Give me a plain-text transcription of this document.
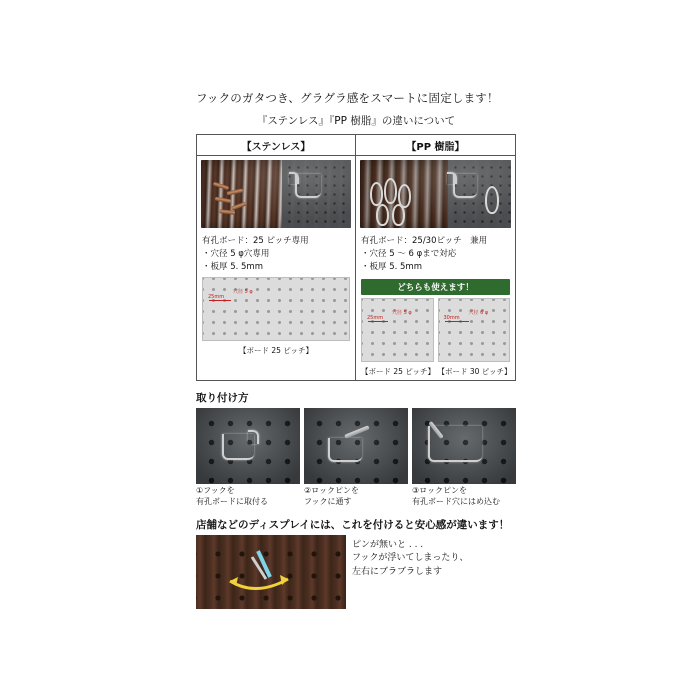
フックのガタつき、グラグラ感をスマートに固定します！
『ステンレス』『PP 樹脂』の違いについて
【ステンレス】
有孔ボード：25 ピッチ専用
・穴径 5 φ穴専用
・板厚 5. 5mm
25mm
穴径 5 φ
【ボード 25 ピッチ】
【PP 樹脂】
有孔ボード：25/30ピッチ　兼用
・穴径 5 ～ 6 φまで対応
・板厚 5. 5mm
どちらも使えます！
25mm
穴径 5 φ
30mm
穴径 6 φ
【ボード 25 ピッチ】 【ボード 30 ピッチ】
取り付け方
①フックを
有孔ボードに取付る
②ロックピンを
フックに通す
③ロックピンを
有孔ボード穴にはめ込む
店舗などのディスプレイには、これを付けると安心感が違います！
ピンが無いと . . .
フックが浮いてしまったり、
左右にブラブラします
